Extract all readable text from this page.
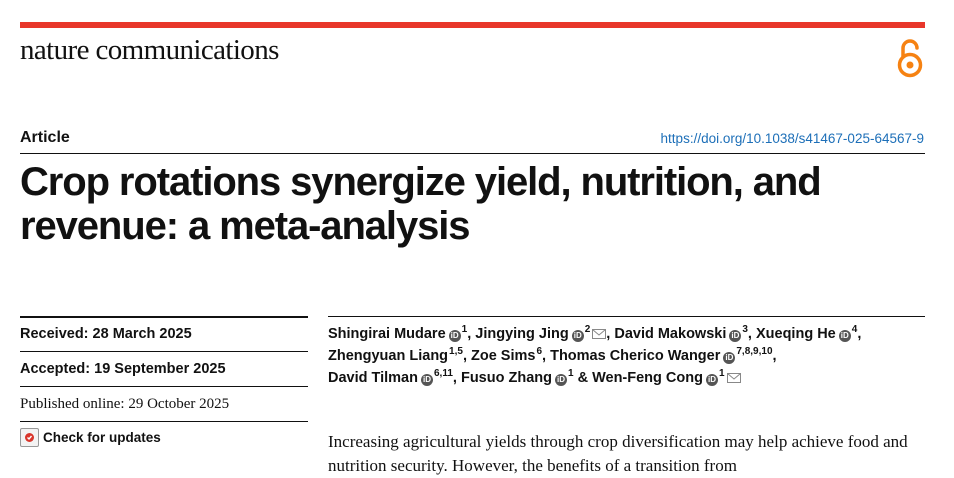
nature communications
Article	https://doi.org/10.1038/s41467-025-64567-9
Crop rotations synergize yield, nutrition, and revenue: a meta-analysis
Received: 28 March 2025
Accepted: 19 September 2025
Published online: 29 October 2025
Check for updates
Shingirai Mudare $iD^1$, Jingying Jing $iD^2$ , David Makowski $iD^3$, Xueqing He $iD^4$,
Zhengyuan Liang$^{1,5}$, Zoe Sims$^6$, Thomas Cherico Wanger iD$^{7,8,9,10}$,
David Tilman iD$^{6,11}$, Fusuo Zhang $iD^1$ & Wen-Feng Cong $iD^1$

Increasing agricultural yields through crop diversification may help achieve food and nutrition security. However, the benefits of a transition from
